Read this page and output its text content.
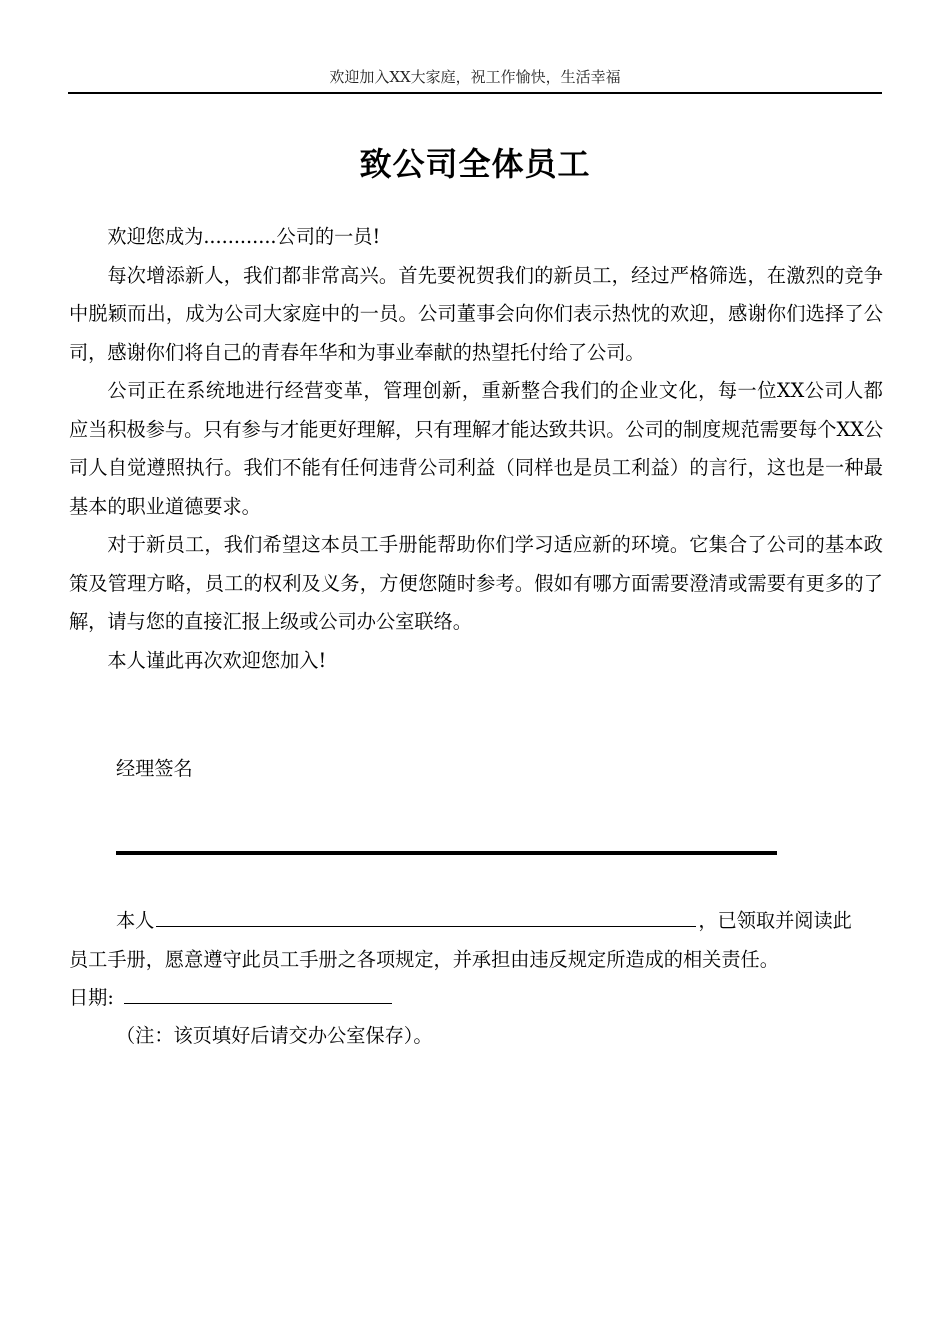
欢迎加入XX大家庭，祝工作愉快，生活幸福
致公司全体员工

欢迎您成为............公司的一员!

每次增添新人，我们都非常高兴。首先要祝贺我们的新员工，经过严格筛选，在激烈的竞争中脱颖而出，成为公司大家庭中的一员。公司董事会向你们表示热忱的欢迎，感谢你们选择了公司，感谢你们将自己的青春年华和为事业奉献的热望托付给了公司。

公司正在系统地进行经营变革，管理创新，重新整合我们的企业文化，每一位XX公司人都应当积极参与。只有参与才能更好理解，只有理解才能达致共识。公司的制度规范需要每个XX公司人自觉遵照执行。我们不能有任何违背公司利益（同样也是员工利益）的言行，这也是一种最基本的职业道德要求。

对于新员工，我们希望这本员工手册能帮助你们学习适应新的环境。它集合了公司的基本政策及管理方略，员工的权利及义务，方便您随时参考。假如有哪方面需要澄清或需要有更多的了解，请与您的直接汇报上级或公司办公室联络。

本人谨此再次欢迎您加入!

经理签名
本人	，已领取并阅读此
员工手册，愿意遵守此员工手册之各项规定，并承担由违反规定所造成的相关责任。
日期:
（注：该页填好后请交办公室保存）。
